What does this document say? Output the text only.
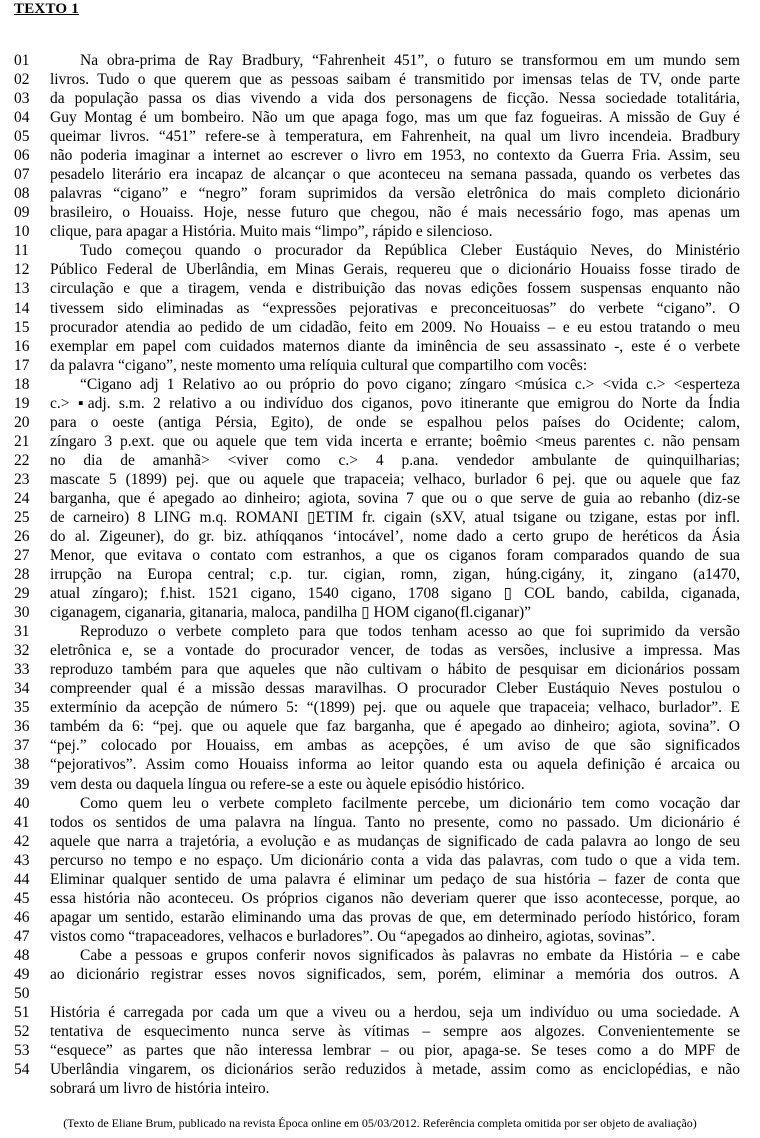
TEXTO 1
01	Na obra-prima de Ray Bradbury, “Fahrenheit 451”, o futuro se transformou em um mundo sem
02	livros. Tudo o que querem que as pessoas saibam é transmitido por imensas telas de TV, onde parte
03	da população passa os dias vivendo a vida dos personagens de ficção. Nessa sociedade totalitária,
04	Guy Montag é um bombeiro. Não um que apaga fogo, mas um que faz fogueiras. A missão de Guy é
05	queimar livros. “451” refere-se à temperatura, em Fahrenheit, na qual um livro incendeia. Bradbury
06	não poderia imaginar a internet ao escrever o livro em 1953, no contexto da Guerra Fria. Assim, seu
07	pesadelo literário era incapaz de alcançar o que aconteceu na semana passada, quando os verbetes das
08	palavras “cigano” e “negro” foram suprimidos da versão eletrônica do mais completo dicionário
09	brasileiro, o Houaiss. Hoje, nesse futuro que chegou, não é mais necessário fogo, mas apenas um
10	clique, para apagar a História. Muito mais “limpo”, rápido e silencioso.
11	Tudo começou quando o procurador da República Cleber Eustáquio Neves, do Ministério
12	Público Federal de Uberlândia, em Minas Gerais, requereu que o dicionário Houaiss fosse tirado de
13	circulação e que a tiragem, venda e distribuição das novas edições fossem suspensas enquanto não
14	tivessem sido eliminadas as “expressões pejorativas e preconceituosas” do verbete “cigano”. O
15	procurador atendia ao pedido de um cidadão, feito em 2009. No Houaiss – e eu estou tratando o meu
16	exemplar em papel com cuidados maternos diante da iminência de seu assassinato -, este é o verbete
17	da palavra “cigano”, neste momento uma relíquia cultural que compartilho com vocês:
18	“Cigano adj 1 Relativo ao ou próprio do povo cigano; zíngaro <música c.> <vida c.> <esperteza
19	c.> ▪adj. s.m. 2 relativo a ou indivíduo dos ciganos, povo itinerante que emigrou do Norte da Índia
20	para o oeste (antiga Pérsia, Egito), de onde se espalhou pelos países do Ocidente; calom,
21	zíngaro 3 p.ext. que ou aquele que tem vida incerta e errante; boêmio <meus parentes c. não pensam
22	no dia de amanhã> <viver como c.> 4 p.ana. vendedor ambulante de quinquilharias;
23	mascate 5 (1899) pej. que ou aquele que trapaceia; velhaco, burlador 6 pej. que ou aquele que faz
24	barganha, que é apegado ao dinheiro; agiota, sovina 7 que ou o que serve de guia ao rebanho (diz-se
25	de carneiro) 8 LING m.q. ROMANI ▯ETIM fr. cigain (sXV, atual tsigane ou tzigane, estas por infl.
26	do al. Zigeuner), do gr. biz. athíqqanos ‘intocável’, nome dado a certo grupo de heréticos da Ásia
27	Menor, que evitava o contato com estranhos, a que os ciganos foram comparados quando de sua
28	irrupção na Europa central; c.p. tur. cigian, romn, zigan, húng.cigány, it, zingano (a1470,
29	atual zíngaro); f.hist. 1521 cigano, 1540 cigano, 1708 sigano ▯ COL bando, cabilda, ciganada,
30	ciganagem, ciganaria, gitanaria, maloca, pandilha ▯ HOM cigano(fl.ciganar)”
31	Reproduzo o verbete completo para que todos tenham acesso ao que foi suprimido da versão
32	eletrônica e, se a vontade do procurador vencer, de todas as versões, inclusive a impressa. Mas
33	reproduzo também para que aqueles que não cultivam o hábito de pesquisar em dicionários possam
34	compreender qual é a missão dessas maravilhas. O procurador Cleber Eustáquio Neves postulou o
35	extermínio da acepção de número 5: “(1899) pej. que ou aquele que trapaceia; velhaco, burlador”. E
36	também da 6: “pej. que ou aquele que faz barganha, que é apegado ao dinheiro; agiota, sovina”. O
37	“pej.” colocado por Houaiss, em ambas as acepções, é um aviso de que são significados
38	“pejorativos”. Assim como Houaiss informa ao leitor quando esta ou aquela definição é arcaica ou
39	vem desta ou daquela língua ou refere-se a este ou àquele episódio histórico.
40	Como quem leu o verbete completo facilmente percebe, um dicionário tem como vocação dar
41	todos os sentidos de uma palavra na língua. Tanto no presente, como no passado. Um dicionário é
42	aquele que narra a trajetória, a evolução e as mudanças de significado de cada palavra ao longo de seu
43	percurso no tempo e no espaço. Um dicionário conta a vida das palavras, com tudo o que a vida tem.
44	Eliminar qualquer sentido de uma palavra é eliminar um pedaço de sua história – fazer de conta que
45	essa história não aconteceu. Os próprios ciganos não deveriam querer que isso acontecesse, porque, ao
46	apagar um sentido, estarão eliminando uma das provas de que, em determinado período histórico, foram
47	vistos como “trapaceadores, velhacos e burladores”. Ou “apegados ao dinheiro, agiotas, sovinas”.
48	Cabe a pessoas e grupos conferir novos significados às palavras no embate da História – e cabe
49	ao dicionário registrar esses novos significados, sem, porém, eliminar a memória dos outros. A
50
51	História é carregada por cada um que a viveu ou a herdou, seja um indivíduo ou uma sociedade. A
52	tentativa de esquecimento nunca serve às vítimas – sempre aos algozes. Convenientemente se
53	“esquece” as partes que não interessa lembrar – ou pior, apaga-se. Se teses como a do MPF de
54	Uberlândia vingarem, os dicionários serão reduzidos à metade, assim como as enciclopédias, e não
sobrará um livro de história inteiro.
(Texto de Eliane Brum, publicado na revista Época online em 05/03/2012. Referência completa omitida por ser objeto de avaliação)
